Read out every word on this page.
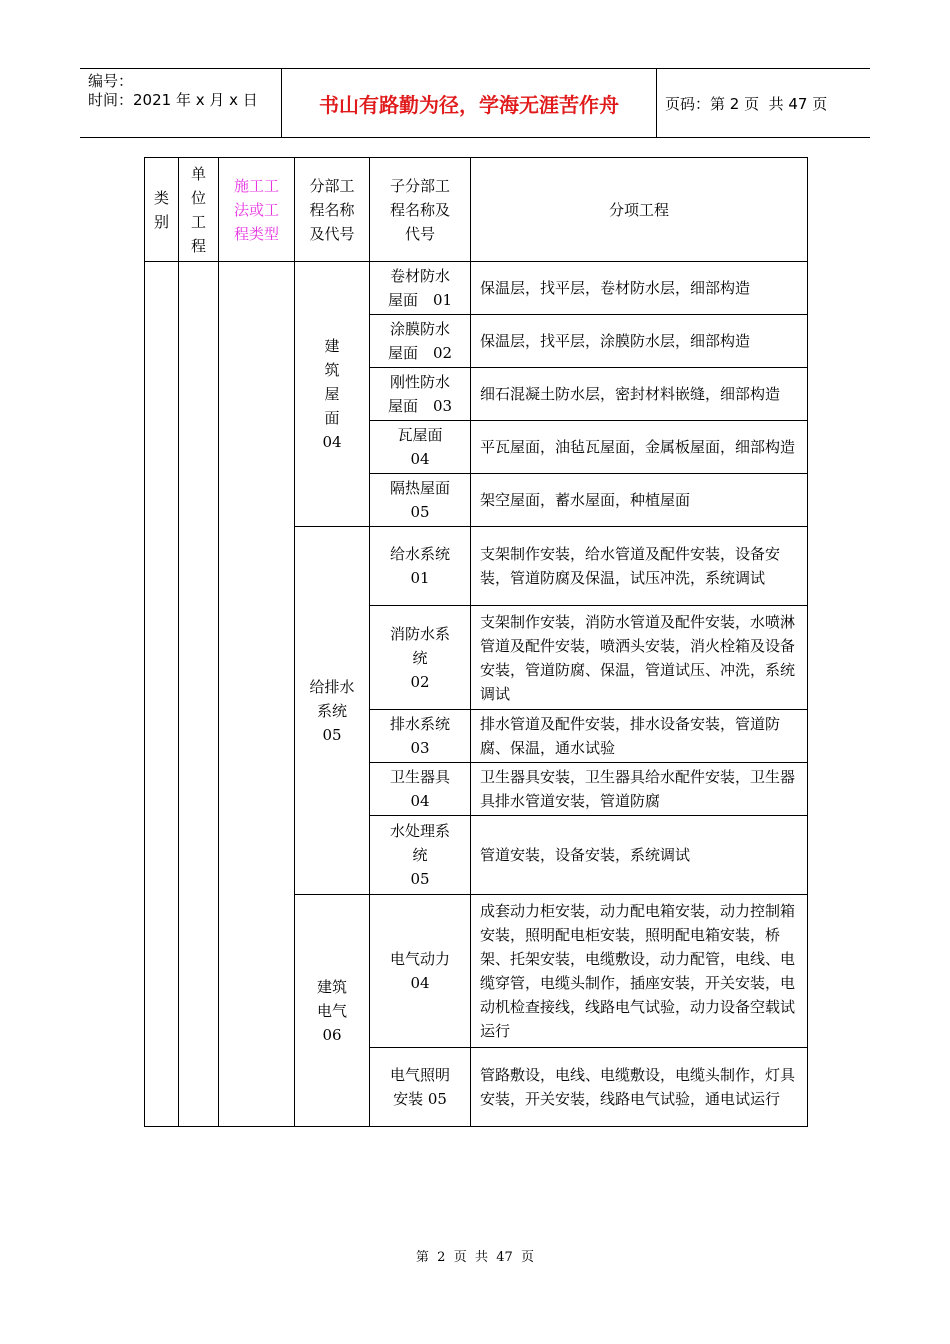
编号：
时间：2021 年 x 月 x 日	书山有路勤为径，学海无涯苦作舟	页码：第 2 页  共 47 页
类
别	单
位
工
程	施工工
法或工
程类型	分部工
程名称
及代号	子分部工
程名称及
代号	分项工程
			建
筑
屋
面
04	卷材防水
屋面　01	保温层，找平层，卷材防水层，细部构造
				涂膜防水
屋面　02	保温层，找平层，涂膜防水层，细部构造
				刚性防水
屋面　03	细石混凝土防水层，密封材料嵌缝，细部构造
				瓦屋面
04	平瓦屋面，油毡瓦屋面，金属板屋面，细部构造
				隔热屋面
05	架空屋面，蓄水屋面，种植屋面
			给排水
系统
05	给水系统
01	支架制作安装，给水管道及配件安装，设备安装，管道防腐及保温，试压冲洗，系统调试
				消防水系
统
02	支架制作安装，消防水管道及配件安装，水喷淋管道及配件安装，喷洒头安装，消火栓箱及设备安装，管道防腐、保温，管道试压、冲洗，系统调试
				排水系统
03	排水管道及配件安装，排水设备安装，管道防腐、保温，通水试验
				卫生器具
04	卫生器具安装，卫生器具给水配件安装，卫生器具排水管道安装，管道防腐
				水处理系
统
05	管道安装，设备安装，系统调试
			建筑
电气
06	电气动力
04	成套动力柜安装，动力配电箱安装，动力控制箱安装，照明配电柜安装，照明配电箱安装，桥架、托架安装，电缆敷设，动力配管，电线、电缆穿管，电缆头制作，插座安装，开关安装，电动机检查接线，线路电气试验，动力设备空载试运行
				电气照明
安装 05	管路敷设，电线、电缆敷设，电缆头制作，灯具安装，开关安装，线路电气试验，通电试运行
第  2  页  共  47  页
